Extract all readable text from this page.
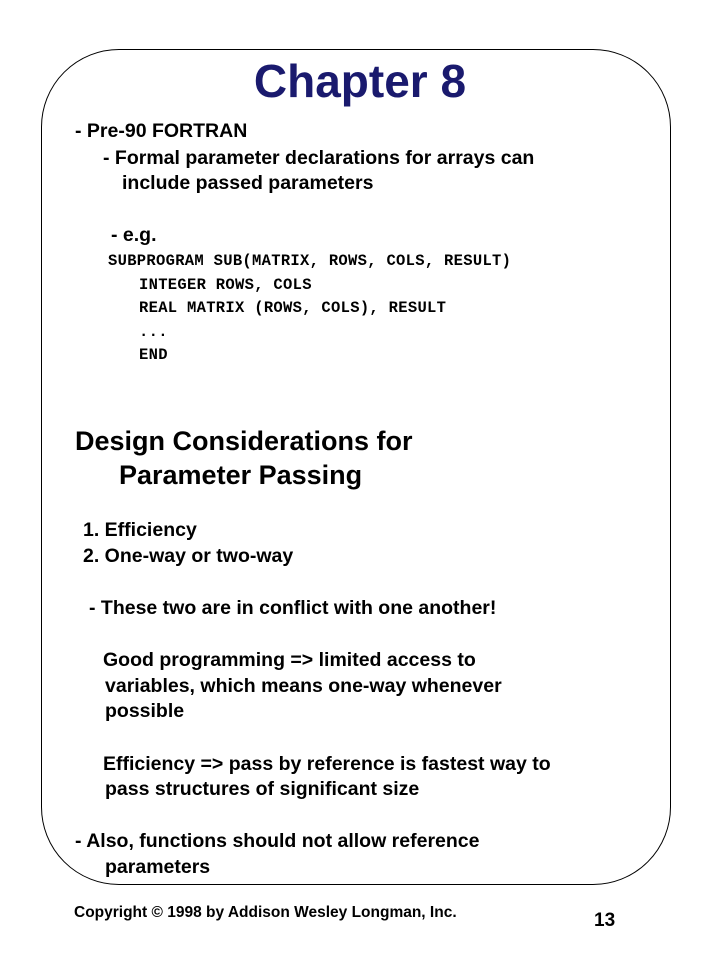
Chapter 8

- Pre-90 FORTRAN

- Formal parameter declarations for arrays can

include passed parameters

- e.g.

SUBPROGRAM SUB(MATRIX, ROWS, COLS, RESULT)

INTEGER ROWS, COLS

REAL MATRIX (ROWS, COLS), RESULT

...

END

Design Considerations for

Parameter Passing

1. Efficiency

2. One-way or two-way

- These two are in conflict with one another!

Good programming => limited access to

variables, which means one-way whenever

possible

Efficiency => pass by reference is fastest way to

pass structures of significant size

- Also, functions should not allow reference

parameters

Copyright © 1998 by Addison Wesley Longman, Inc.	13
